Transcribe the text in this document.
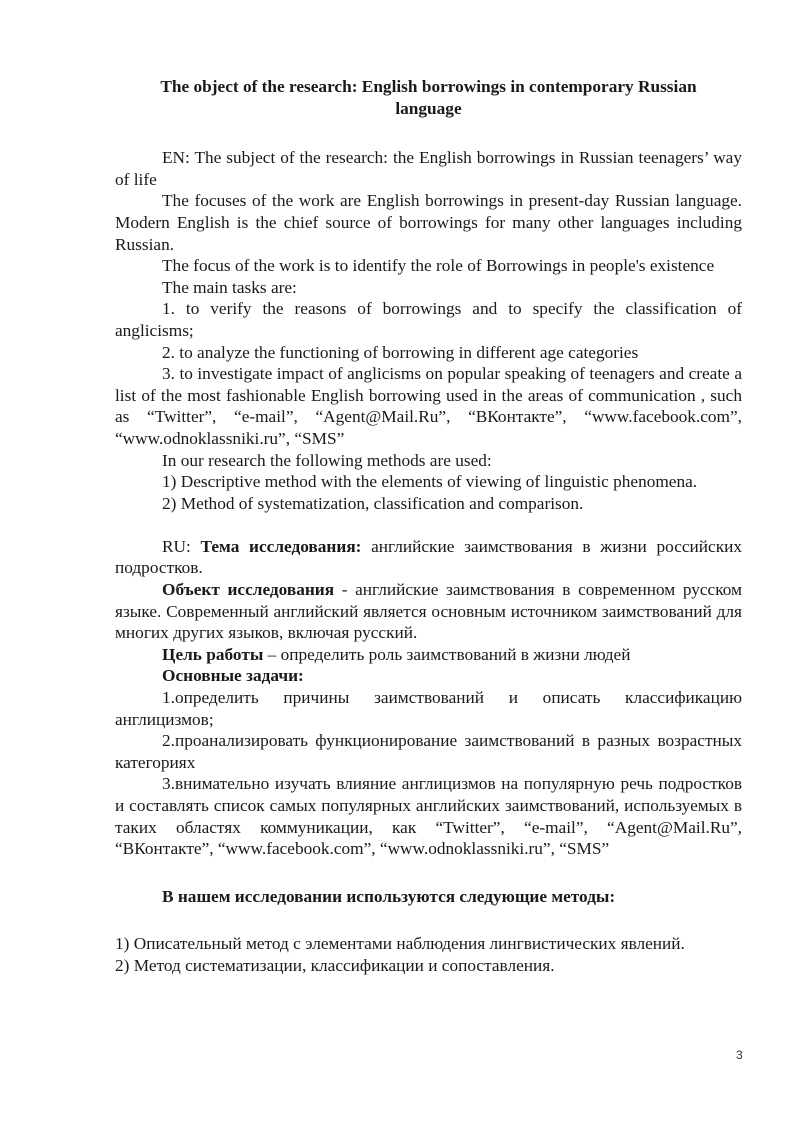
The object of the research: English borrowings in contemporary Russian language

EN: The subject of the research: the English borrowings in Russian teenagers’ way of life

The focuses of the work are English borrowings in present-day Russian language. Modern English is the chief source of borrowings for many other languages including Russian.

The focus of the work is to identify the role of Borrowings in people's existence

The main tasks are:

1. to verify the reasons of borrowings and to specify the classification of anglicisms;

2. to analyze the functioning of borrowing in different age categories

3. to investigate impact of anglicisms on popular speaking of teenagers and create a list of the most fashionable English borrowing used in the areas of communication , such as “Twitter”, “e-mail”, “Agent@Mail.Ru”, “ВКонтакте”, “www.facebook.com”, “www.odnoklassniki.ru”, “SMS”

In our research the following methods are used:

1) Descriptive method with the elements of viewing of linguistic phenomena.

2) Method of systematization, classification and comparison.

RU: Тема исследования: английские заимствования в жизни российских подростков.

Объект исследования - английские заимствования в современном русском языке. Современный английский является основным источником заимствований для многих других языков, включая русский.

Цель работы – определить роль заимствований в жизни людей

Основные задачи:

1.определить причины заимствований и описать классификацию англицизмов;

2.проанализировать функционирование заимствований в разных возрастных категориях

3.внимательно изучать влияние англицизмов на популярную речь подростков и составлять список самых популярных английских заимствований, используемых в таких областях коммуникации, как “Twitter”, “e-mail”, “Agent@Mail.Ru”, “ВКонтакте”, “www.facebook.com”, “www.odnoklassniki.ru”, “SMS”

В нашем исследовании используются следующие методы:

1) Описательный метод с элементами наблюдения лингвистических явлений.

2) Метод систематизации, классификации и сопоставления.

3
